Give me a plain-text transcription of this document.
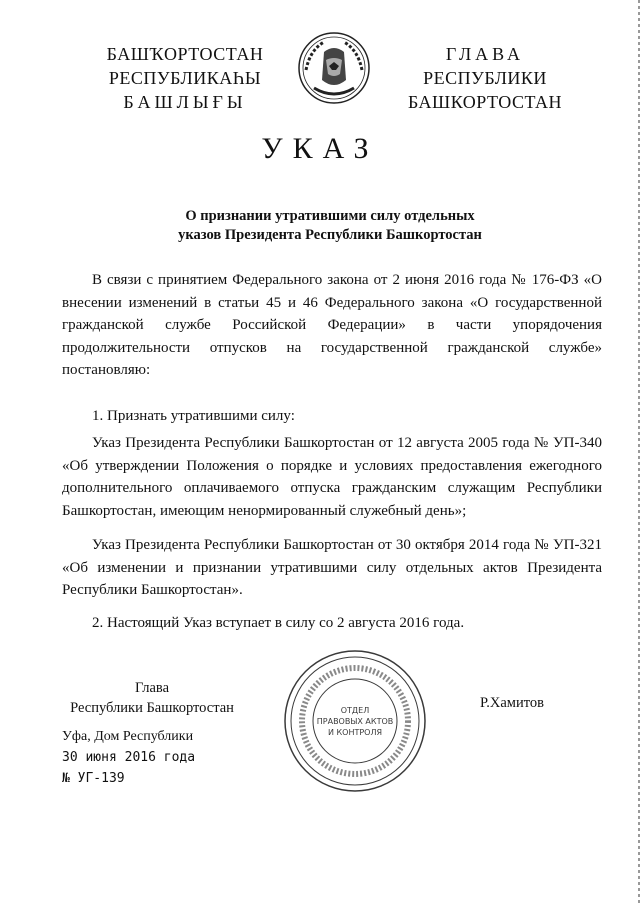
БАШҠОРТОСТАН
РЕСПУБЛИКАҺЫ
БАШЛЫҒЫ
ГЛАВА
РЕСПУБЛИКИ
БАШКОРТОСТАН
УКАЗ
О признании утратившими силу отдельных
указов Президента Республики Башкортостан
В связи с принятием Федерального закона от 2 июня 2016 года № 176-ФЗ «О внесении изменений в статьи 45 и 46 Федерального закона «О государственной гражданской службе Российской Федерации» в части упорядочения продолжительности отпусков на государственной гражданской службе» постановляю:
1. Признать утратившими силу:
Указ Президента Республики Башкортостан от 12 августа 2005 года № УП-340 «Об утверждении Положения о порядке и условиях предоставления ежегодного дополнительного оплачиваемого отпуска гражданским служащим Республики Башкортостан, имеющим ненормированный служебный день»;
Указ Президента Республики Башкортостан от 30 октября 2014 года № УП-321 «Об изменении и признании утратившими силу отдельных актов Президента Республики Башкортостан».
2. Настоящий Указ вступает в силу со 2 августа 2016 года.
Глава
Республики Башкортостан	ОТДЕЛ
ПРАВОВЫХ АКТОВ
И КОНТРОЛЯ
Р.Хамитов
Уфа, Дом Республики
30 июня 2016 года
№ УГ-139
